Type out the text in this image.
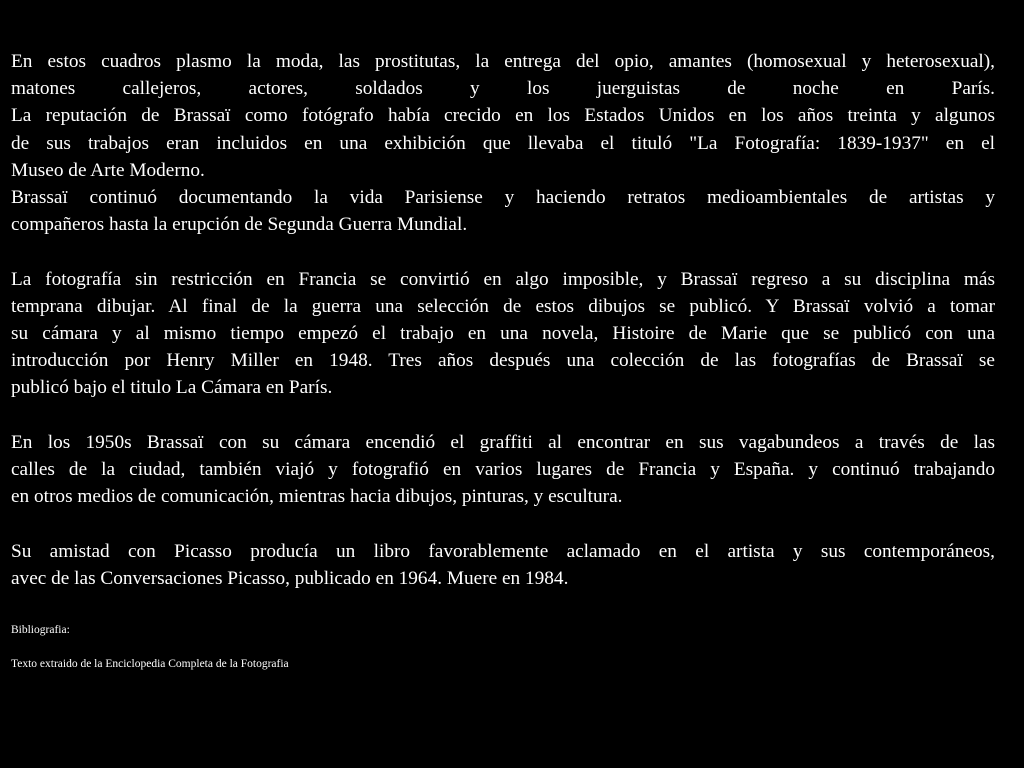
En estos cuadros plasmo la moda, las prostitutas, la entrega del opio, amantes (homosexual y heterosexual),
matones callejeros, actores, soldados y los juerguistas de noche en París.
La reputación de Brassaï como fotógrafo había crecido en los Estados Unidos en los años treinta y algunos
de sus trabajos eran incluidos en una exhibición que llevaba el tituló "La Fotografía: 1839-1937" en el
Museo de Arte Moderno.
Brassaï continuó documentando la vida Parisiense y haciendo retratos medioambientales de artistas y
compañeros hasta la erupción de Segunda Guerra Mundial.

La fotografía sin restricción en Francia se convirtió en algo imposible, y Brassaï regreso a su disciplina más
temprana dibujar. Al final de la guerra una selección de estos dibujos se publicó. Y Brassaï volvió a tomar
su cámara y al mismo tiempo empezó el trabajo en una novela, Histoire de Marie que se publicó con una
introducción por Henry Miller en 1948. Tres años después una colección de las fotografías de Brassaï se
publicó bajo el titulo La Cámara en París.

En los 1950s Brassaï con su cámara encendió el graffiti al encontrar en sus vagabundeos a través de las
calles de la ciudad, también viajó y fotografió en varios lugares de Francia y España. y continuó trabajando
en otros medios de comunicación, mientras hacia dibujos, pinturas, y escultura.

Su amistad con Picasso producía un libro favorablemente aclamado en el artista y sus contemporáneos,
avec de las Conversaciones Picasso, publicado en 1964. Muere en 1984.

Bibliografia:

Texto extraido de la Enciclopedia Completa de la Fotografia
